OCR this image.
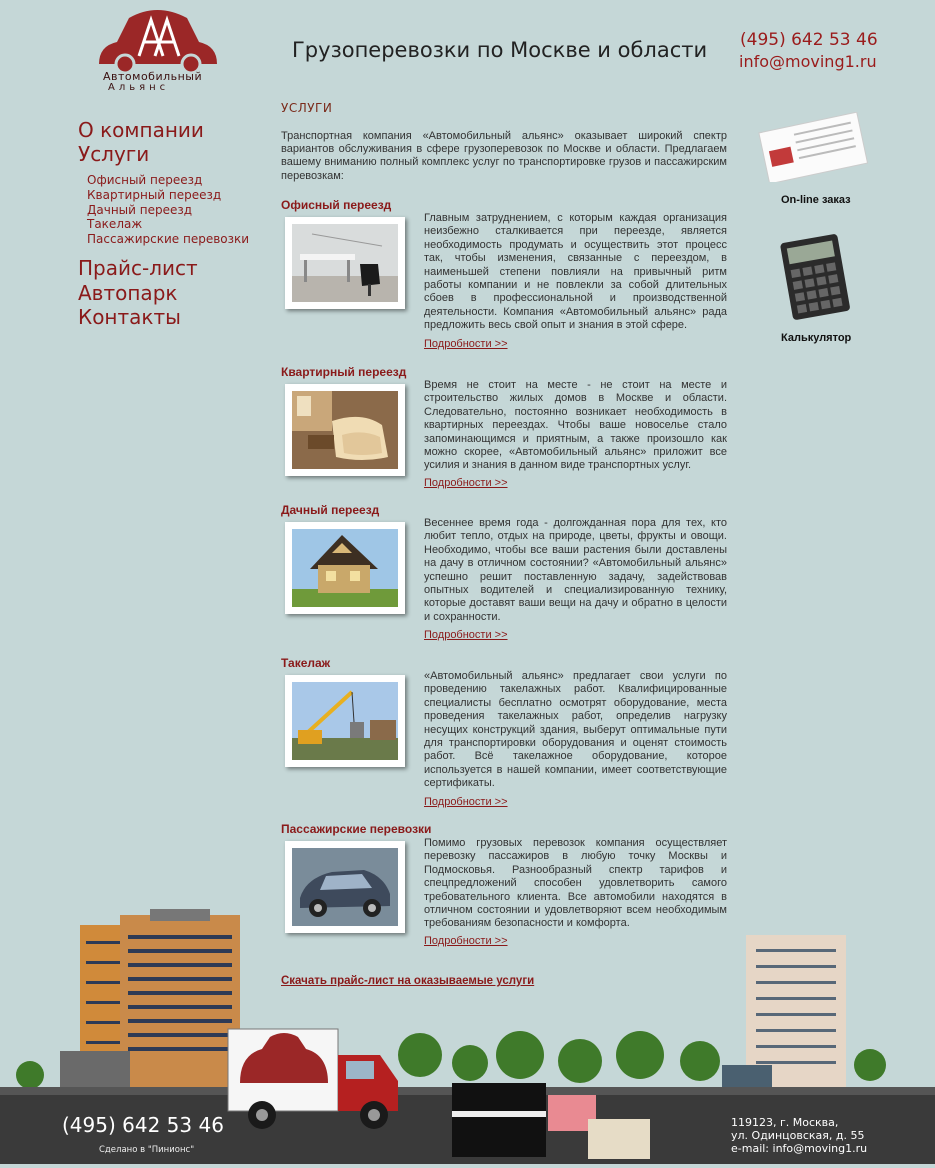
Автомобильный
Альянс
Грузоперевозки по Москве и области (495) 642 53 46
info@moving1.ru
О компании
Услуги
Офисный переезд
Квартирный переезд
Дачный переезд
Такелаж
Пассажирские перевозки
Прайс-лист
Автопарк
Контакты
УСЛУГИ
Транспортная компания «Автомобильный альянс» оказывает широкий спектр вариантов обслуживания в сфере грузоперевозок по Москве и области. Предлагаем вашему вниманию полный комплекс услуг по транспортировке грузов и пассажирским перевозкам:
Офисный переезд
Главным затруднением, с которым каждая организация неизбежно сталкивается при переезде, является необходимость продумать и осуществить этот процесс так, чтобы изменения, связанные с переездом, в наименьшей степени повлияли на привычный ритм работы компании и не повлекли за собой длительных сбоев в профессиональной и производственной деятельности. Компания «Автомобильный альянс» рада предложить весь свой опыт и знания в этой сфере.
Подробности >>
Квартирный переезд
Время не стоит на месте - не стоит на месте и строительство жилых домов в Москве и области. Следовательно, постоянно возникает необходимость в квартирных переездах. Чтобы ваше новоселье стало запоминающимся и приятным, а также произошло как можно скорее, «Автомобильный альянс» приложит все усилия и знания в данном виде транспортных услуг.
Подробности >>
Дачный переезд
Весеннее время года - долгожданная пора для тех, кто любит тепло, отдых на природе, цветы, фрукты и овощи. Необходимо, чтобы все ваши растения были доставлены на дачу в отличном состоянии? «Автомобильный альянс» успешно решит поставленную задачу, задействовав опытных водителей и специализированную технику, которые доставят ваши вещи на дачу и обратно в целости и сохранности.
Подробности >>
Такелаж
«Автомобильный альянс» предлагает свои услуги по проведению такелажных работ. Квалифицированные специалисты бесплатно осмотрят оборудование, места проведения такелажных работ, определив нагрузку несущих конструкций здания, выберут оптимальные пути для транспортировки оборудования и оценят стоимость работ. Всё такелажное оборудование, которое используется в нашей компании, имеет соответствующие сертификаты.
Подробности >>
Пассажирские перевозки
Помимо грузовых перевозок компания осуществляет перевозку пассажиров в любую точку Москвы и Подмосковья. Разнообразный спектр тарифов и спецпредложений способен удовлетворить самого требовательного клиента. Все автомобили находятся в отличном состоянии и удовлетворяют всем необходимым требованиям безопасности и комфорта.
Подробности >>
Скачать прайс-лист на оказываемые услуги
On-line заказ
Калькулятор
(495) 642 53 46
Сделано в "Пинионс"
119123, г. Москва,
ул. Одинцовская, д. 55
e-mail: info@moving1.ru
